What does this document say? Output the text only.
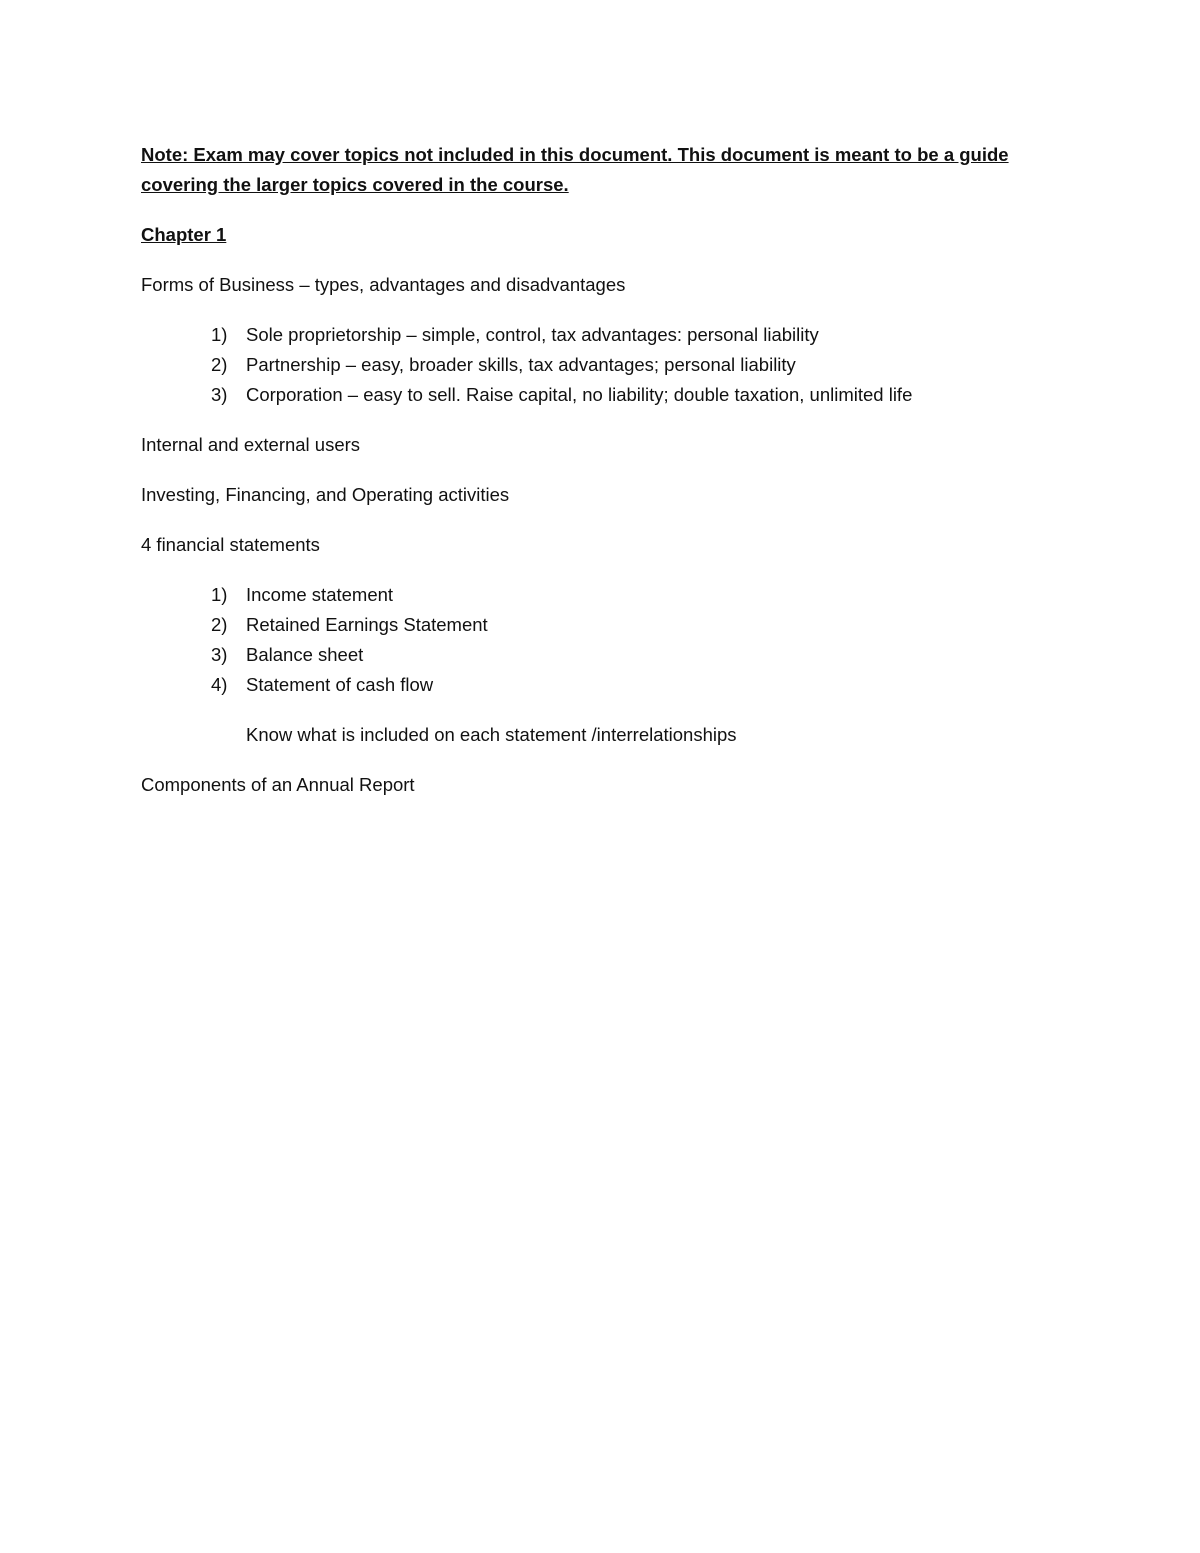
Note: Exam may cover topics not included in this document. This document is meant to be a guide covering the larger topics covered in the course.

Chapter 1

Forms of Business – types, advantages and disadvantages

1) Sole proprietorship – simple, control, tax advantages: personal liability
2) Partnership – easy, broader skills, tax advantages; personal liability
3) Corporation – easy to sell. Raise capital, no liability; double taxation, unlimited life

Internal and external users

Investing, Financing, and Operating activities

4 financial statements

1) Income statement
2) Retained Earnings Statement
3) Balance sheet
4) Statement of cash flow

Know what is included on each statement /interrelationships

Components of an Annual Report
